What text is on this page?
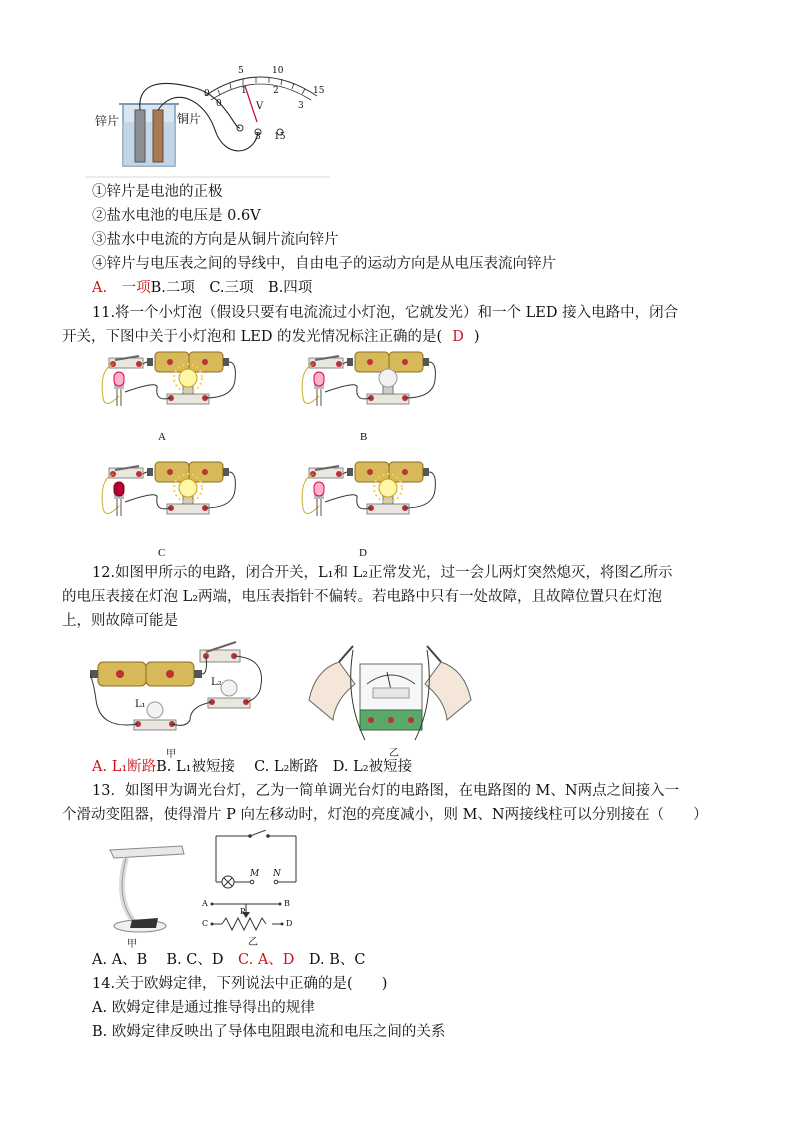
锌片	铜片
0
5	10
15
0
1	2
3
V
3 15
①锌片是电池的正极
②盐水电池的电压是 0.6V
③盐水中电流的方向是从铜片流向锌片
④锌片与电压表之间的导线中，自由电子的运动方向是从电压表流向锌片
A.　一项B.二项　C.三项　B.四项
11.将一个小灯泡（假设只要有电流流过小灯泡，它就发光）和一个 LED 接入电路中，闭合
开关，下图中关于小灯泡和 LED 的发光情况标注正确的是( D )
A	B
C	D
12.如图甲所示的电路，闭合开关，L₁和 L₂正常发光，过一会儿两灯突然熄灭，将图乙所示
的电压表接在灯泡 L₂两端，电压表指针不偏转。若电路中只有一处故障，且故障位置只在灯泡
上，则故障可能是
L₂
L₁
甲	乙
A. L₁断路B. L₁被短接　 C. L₂断路　D. L₂被短接
13．如图甲为调光台灯，乙为一简单调光台灯的电路图，在电路图的 M、N两点之间接入一
个滑动变阻器，使得滑片 P 向左移动时，灯泡的亮度减小，则 M、N两接线柱可以分别接在（　　）
甲
M N
A	B
P
C	D
乙
A. A、B　 B. C、D　C. A、D　D. B、C
14.关于欧姆定律，下列说法中正确的是(　　)
A. 欧姆定律是通过推导得出的规律
B. 欧姆定律反映出了导体电阻跟电流和电压之间的关系
